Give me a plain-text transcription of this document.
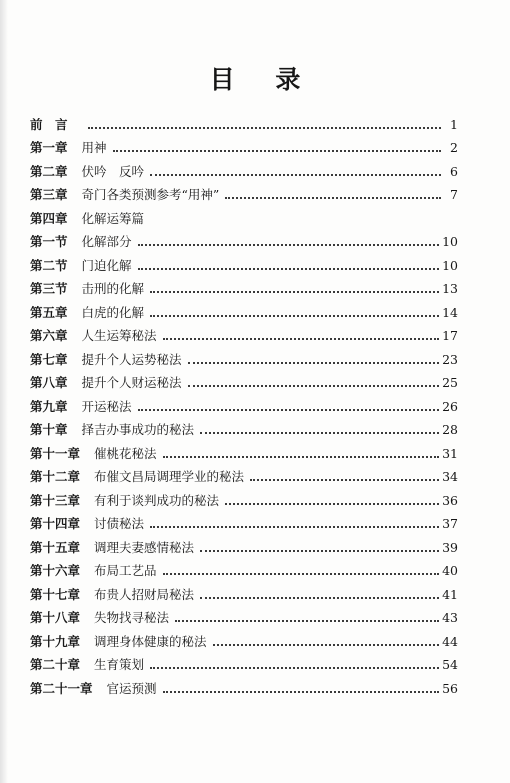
目 录
前　言	1
第一章 用神	2
第二章 伏吟　反吟	6
第三章 奇门各类预测参考“用神”	7
第四章 化解运筹篇
第一节 化解部分	10
第二节 门迫化解	10
第三节 击刑的化解	13
第五章 白虎的化解	14
第六章 人生运筹秘法	17
第七章 提升个人运势秘法	23
第八章 提升个人财运秘法	25
第九章 开运秘法	26
第十章 择吉办事成功的秘法	28
第十一章 催桃花秘法	31
第十二章 布催文昌局调理学业的秘法	34
第十三章 有利于谈判成功的秘法	36
第十四章 讨债秘法	37
第十五章 调理夫妻感情秘法	39
第十六章 布局工艺品	40
第十七章 布贵人招财局秘法	41
第十八章 失物找寻秘法	43
第十九章 调理身体健康的秘法	44
第二十章 生育策划	54
第二十一章 官运预测	56
